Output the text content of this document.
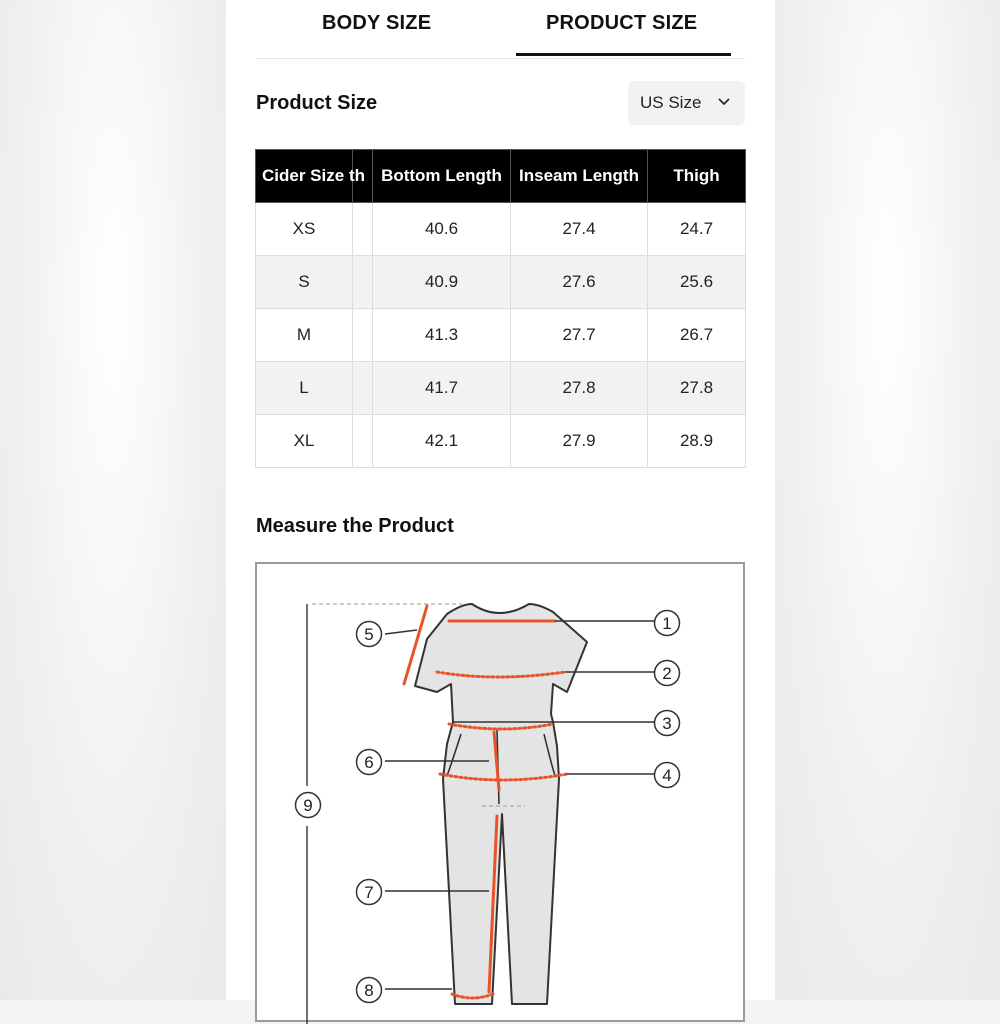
BODY SIZE	PRODUCT SIZE
Product Size	US Size
Cider Size	th	Bottom Length	Inseam Length	Thigh
XS		40.6	27.4	24.7
S		40.9	27.6	25.6
M		41.3	27.7	26.7
L		41.7	27.8	27.8
XL		42.1	27.9	28.9
Measure the Product
1
2
3
4
5
6
7
8
9
